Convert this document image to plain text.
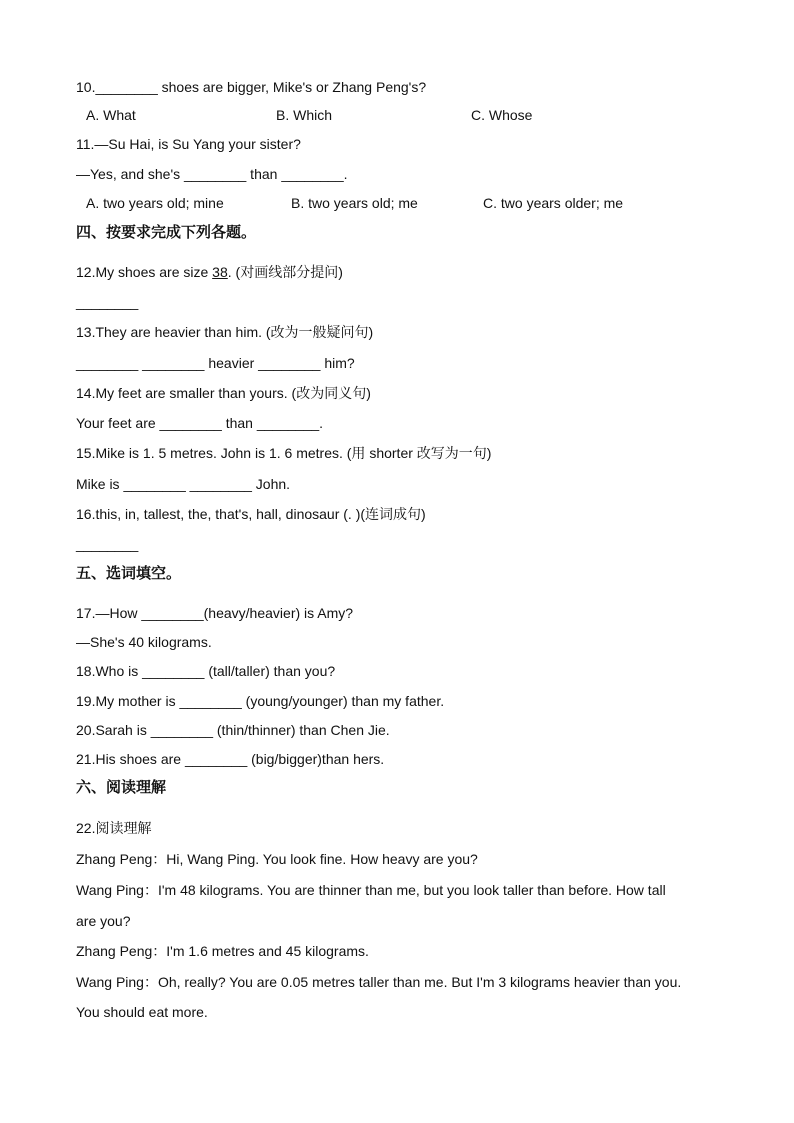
10.________ shoes are bigger, Mike's or Zhang Peng's?
A. What	B. Which	C. Whose
11.—Su Hai, is Su Yang your sister?
—Yes, and she's ________ than ________.
A. two years old; mine	B. two years old; me	C. two years older; me
四、按要求完成下列各题。
12.My shoes are size 38. (对画线部分提问)
________
13.They are heavier than him. (改为一般疑问句)
________ ________ heavier ________ him?
14.My feet are smaller than yours. (改为同义句)
Your feet are ________ than ________.
15.Mike is 1. 5 metres. John is 1. 6 metres. (用 shorter 改写为一句)
Mike is ________ ________ John.
16.this, in, tallest, the, that's, hall, dinosaur (. )(连词成句)
________
五、选词填空。
17.—How ________(heavy/heavier) is Amy?
—She's 40 kilograms.
18.Who is ________ (tall/taller) than you?
19.My mother is ________ (young/younger) than my father.
20.Sarah is ________ (thin/thinner) than Chen Jie.
21.His shoes are ________ (big/bigger)than hers.
六、阅读理解
22.阅读理解
Zhang Peng：Hi, Wang Ping. You look fine. How heavy are you?
Wang Ping：I'm 48 kilograms. You are thinner than me, but you look taller than before. How tall
are you?
Zhang Peng：I'm 1.6 metres and 45 kilograms.
Wang Ping：Oh, really? You are 0.05 metres taller than me. But I'm 3 kilograms heavier than you.
You should eat more.
